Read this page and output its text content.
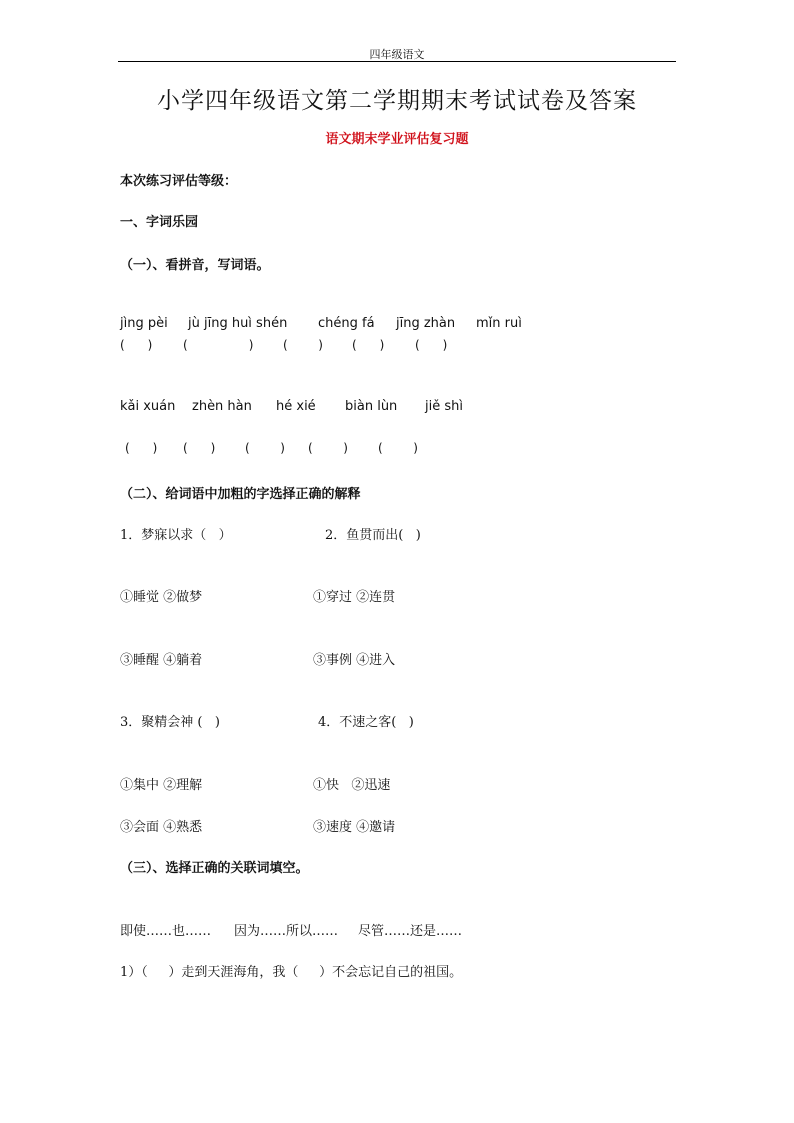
四年级语文
小学四年级语文第二学期期末考试试卷及答案
语文期末学业评估复习题
本次练习评估等级：
一、字词乐园
（一）、看拼音，写词语。
jìng pèi jù jīng huì shén chéng fá jīng zhàn mǐn ruì
(      )	(                ) (        ) (      )	(      )
kǎi xuán zhèn hàn hé xié biàn lùn jiě shì
(      ) (      ) (        ) (        )	(        )
（二）、给词语中加粗的字选择正确的解释
1．梦寐以求（   ）	2．鱼贯而出(   )
①睡觉 ②做梦	①穿过 ②连贯
③睡醒 ④躺着	③事例 ④进入
3．聚精会神 (   )	4．不速之客(   )
①集中 ②理解	①快   ②迅速
③会面 ④熟悉	③速度 ④邀请
（三）、选择正确的关联词填空。
即使……也…… 因为……所以…… 尽管……还是……
1）（     ）走到天涯海角，我（     ）不会忘记自己的祖国。
